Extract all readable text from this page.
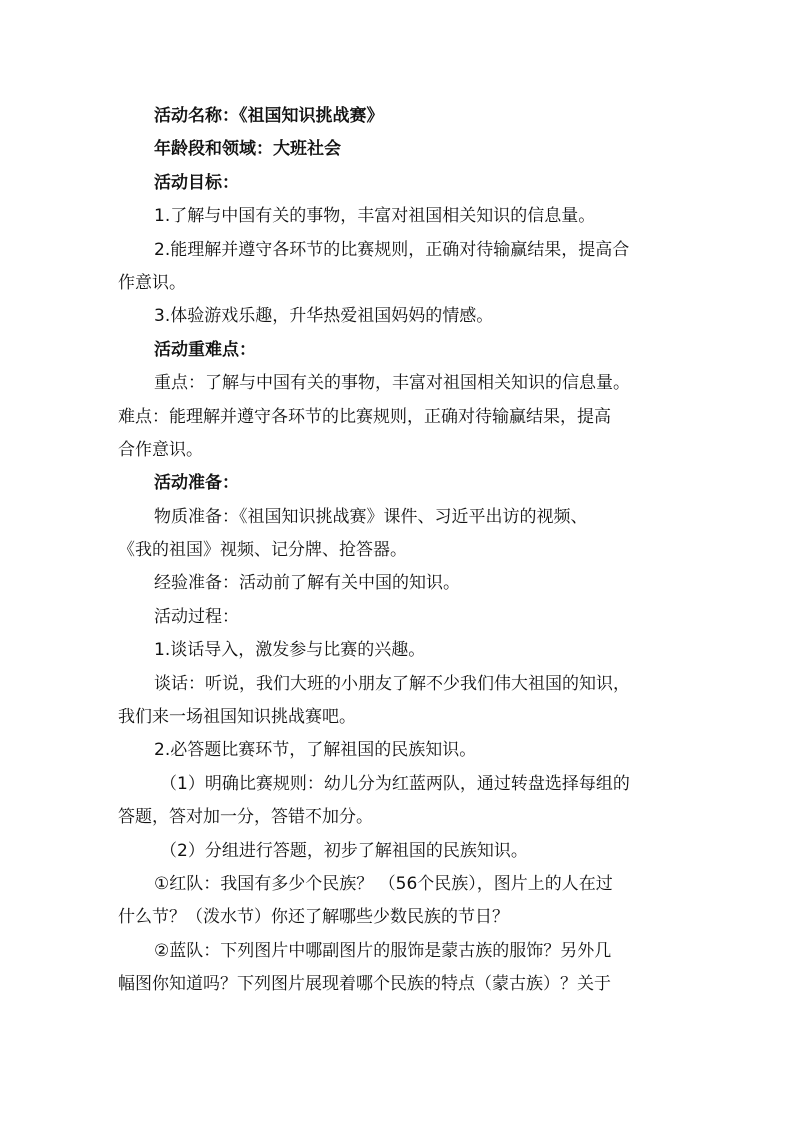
活动名称：《祖国知识挑战赛》
年龄段和领域：大班社会
活动目标：
1.了解与中国有关的事物，丰富对祖国相关知识的信息量。
2.能理解并遵守各环节的比赛规则，正确对待输赢结果，提高合
作意识。
3.体验游戏乐趣，升华热爱祖国妈妈的情感。
活动重难点：
重点：了解与中国有关的事物，丰富对祖国相关知识的信息量。
难点：能理解并遵守各环节的比赛规则，正确对待输赢结果，提高
合作意识。
活动准备：
物质准备：《祖国知识挑战赛》课件、习近平出访的视频、
《我的祖国》视频、记分牌、抢答器。
经验准备：活动前了解有关中国的知识。
活动过程：
1.谈话导入，激发参与比赛的兴趣。
谈话：听说，我们大班的小朋友了解不少我们伟大祖国的知识，
我们来一场祖国知识挑战赛吧。
2.必答题比赛环节，了解祖国的民族知识。
（1）明确比赛规则：幼儿分为红蓝两队，通过转盘选择每组的
答题，答对加一分，答错不加分。
（2）分组进行答题，初步了解祖国的民族知识。
①红队：我国有多少个民族？ （56个民族），图片上的人在过
什么节？（泼水节）你还了解哪些少数民族的节日？
②蓝队：下列图片中哪副图片的服饰是蒙古族的服饰？另外几
幅图你知道吗？下列图片展现着哪个民族的特点（蒙古族）？关于
